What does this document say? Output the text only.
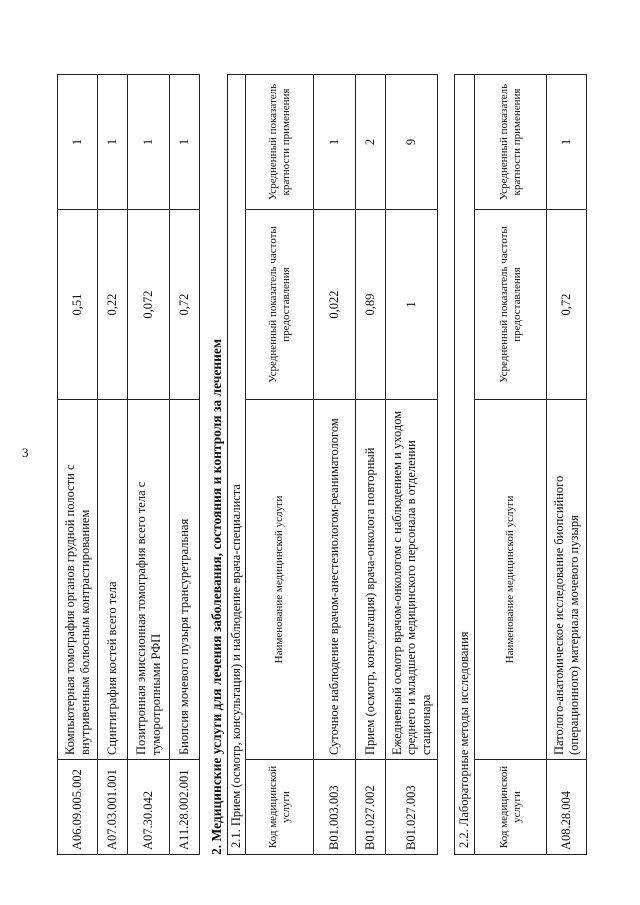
3
A06.09.005.002	Компьютерная томография органов грудной полости с внутривенным болюсным контрастированием	0,51	1
A07.03.001.001	Сцинтиграфия костей всего тела	0,22	1
A07.30.042	Позитронная эмиссионная томография всего тела с туморотропными РФП	0,072	1
A11.28.002.001	Биопсия мочевого пузыря трансуретральная	0,72	1
2. Медицинские услуги для лечения заболевания, состояния и контроля за лечением 2.1. Прием (осмотр, консультация) и наблюдение врача-специалиста			
Код медицинской услуги	Наименование медицинской услуги	Усредненный показатель частоты предоставления	Усредненный показатель кратности применения
B01.003.003	Суточное наблюдение врачом-анестезиологом-реаниматологом	0,022	1
B01.027.002	Прием (осмотр, консультация) врача-онколога повторный	0,89	2
B01.027.003	Ежедневный осмотр врачом-онкологом с наблюдением и уходом среднего и младшего медицинского персонала в отделении стационара	1	9
2.2. Лабораторные методы исследования			
Код медицинской услуги	Наименование медицинской услуги	Усредненный показатель частоты предоставления	Усредненный показатель кратности применения
A08.28.004	Патолого-анатомическое исследование биопсийного (операционного) материала мочевого пузыря	0,72	1
